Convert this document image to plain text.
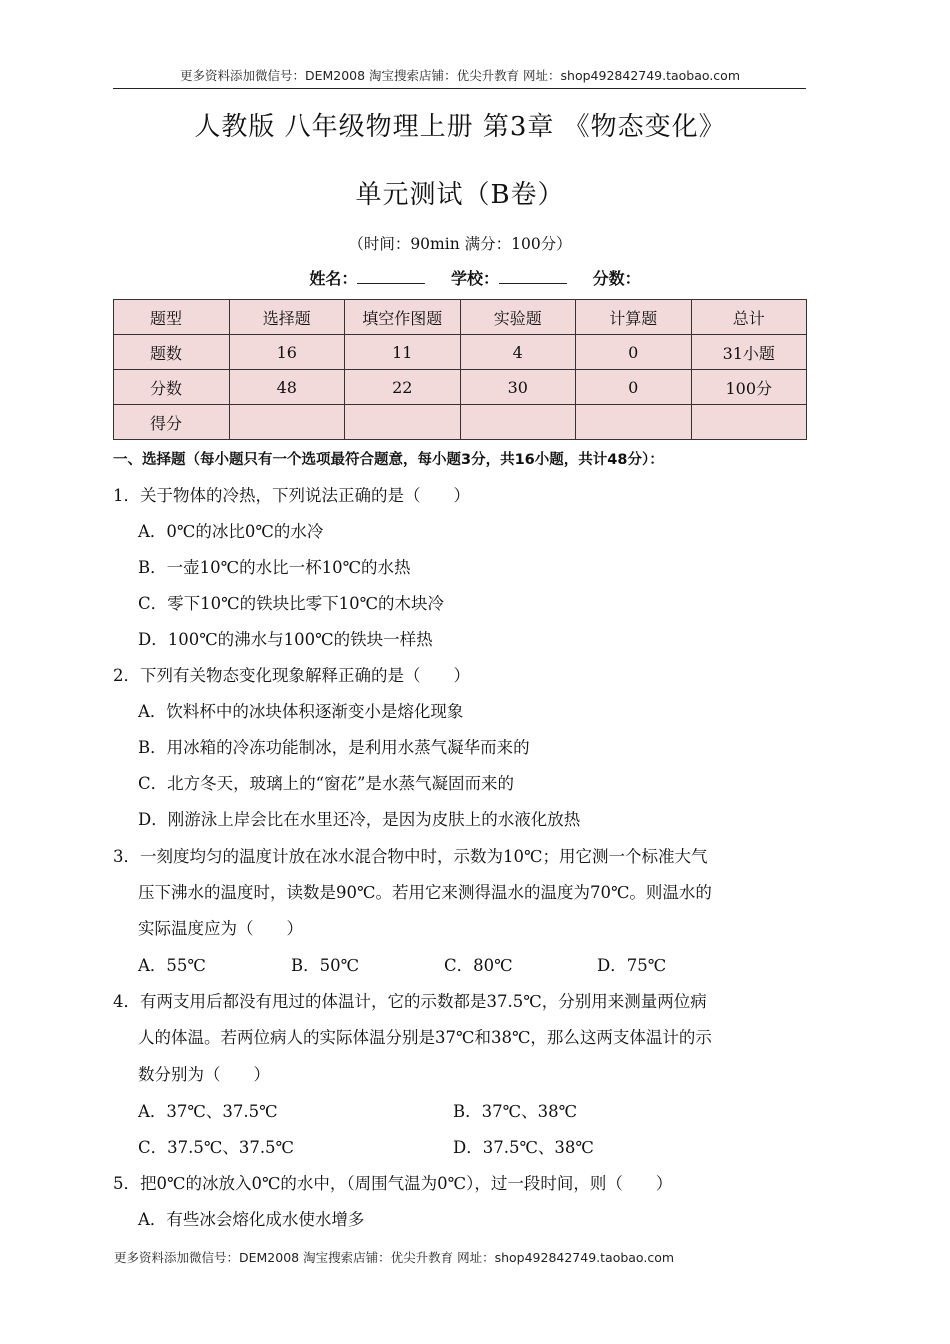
更多资料添加微信号：DEM2008 淘宝搜索店铺：优尖升教育 网址：shop492842749.taobao.com
人教版 八年级物理上册 第3章 《物态变化》
单元测试（B卷）
（时间：90min 满分：100分）
姓名：	学校：	分数：
题型	选择题	填空作图题	实验题	计算题	总计
题数	16	11	4	0	31小题
分数	48	22	30	0	100分
得分					
一、选择题（每小题只有一个选项最符合题意，每小题3分，共16小题，共计48分）：
1．关于物体的冷热，下列说法正确的是（　　）
A．0℃的冰比0℃的水冷
B．一壶10℃的水比一杯10℃的水热
C．零下10℃的铁块比零下10℃的木块冷
D．100℃的沸水与100℃的铁块一样热
2．下列有关物态变化现象解释正确的是（　　）
A．饮料杯中的冰块体积逐渐变小是熔化现象
B．用冰箱的冷冻功能制冰，是利用水蒸气凝华而来的
C．北方冬天，玻璃上的“窗花”是水蒸气凝固而来的
D．刚游泳上岸会比在水里还冷，是因为皮肤上的水液化放热
3．一刻度均匀的温度计放在冰水混合物中时，示数为10℃；用它测一个标准大气
压下沸水的温度时，读数是90℃。若用它来测得温水的温度为70℃。则温水的
实际温度应为（　　）
A．55℃	B．50℃	C．80℃	D．75℃
4．有两支用后都没有甩过的体温计，它的示数都是37.5℃，分别用来测量两位病
人的体温。若两位病人的实际体温分别是37℃和38℃，那么这两支体温计的示
数分别为（　　）
A．37℃、37.5℃	B．37℃、38℃
C．37.5℃、37.5℃	D．37.5℃、38℃
5．把0℃的冰放入0℃的水中，（周围气温为0℃），过一段时间，则（　　）
A．有些冰会熔化成水使水增多
更多资料添加微信号：DEM2008 淘宝搜索店铺：优尖升教育 网址：shop492842749.taobao.com
